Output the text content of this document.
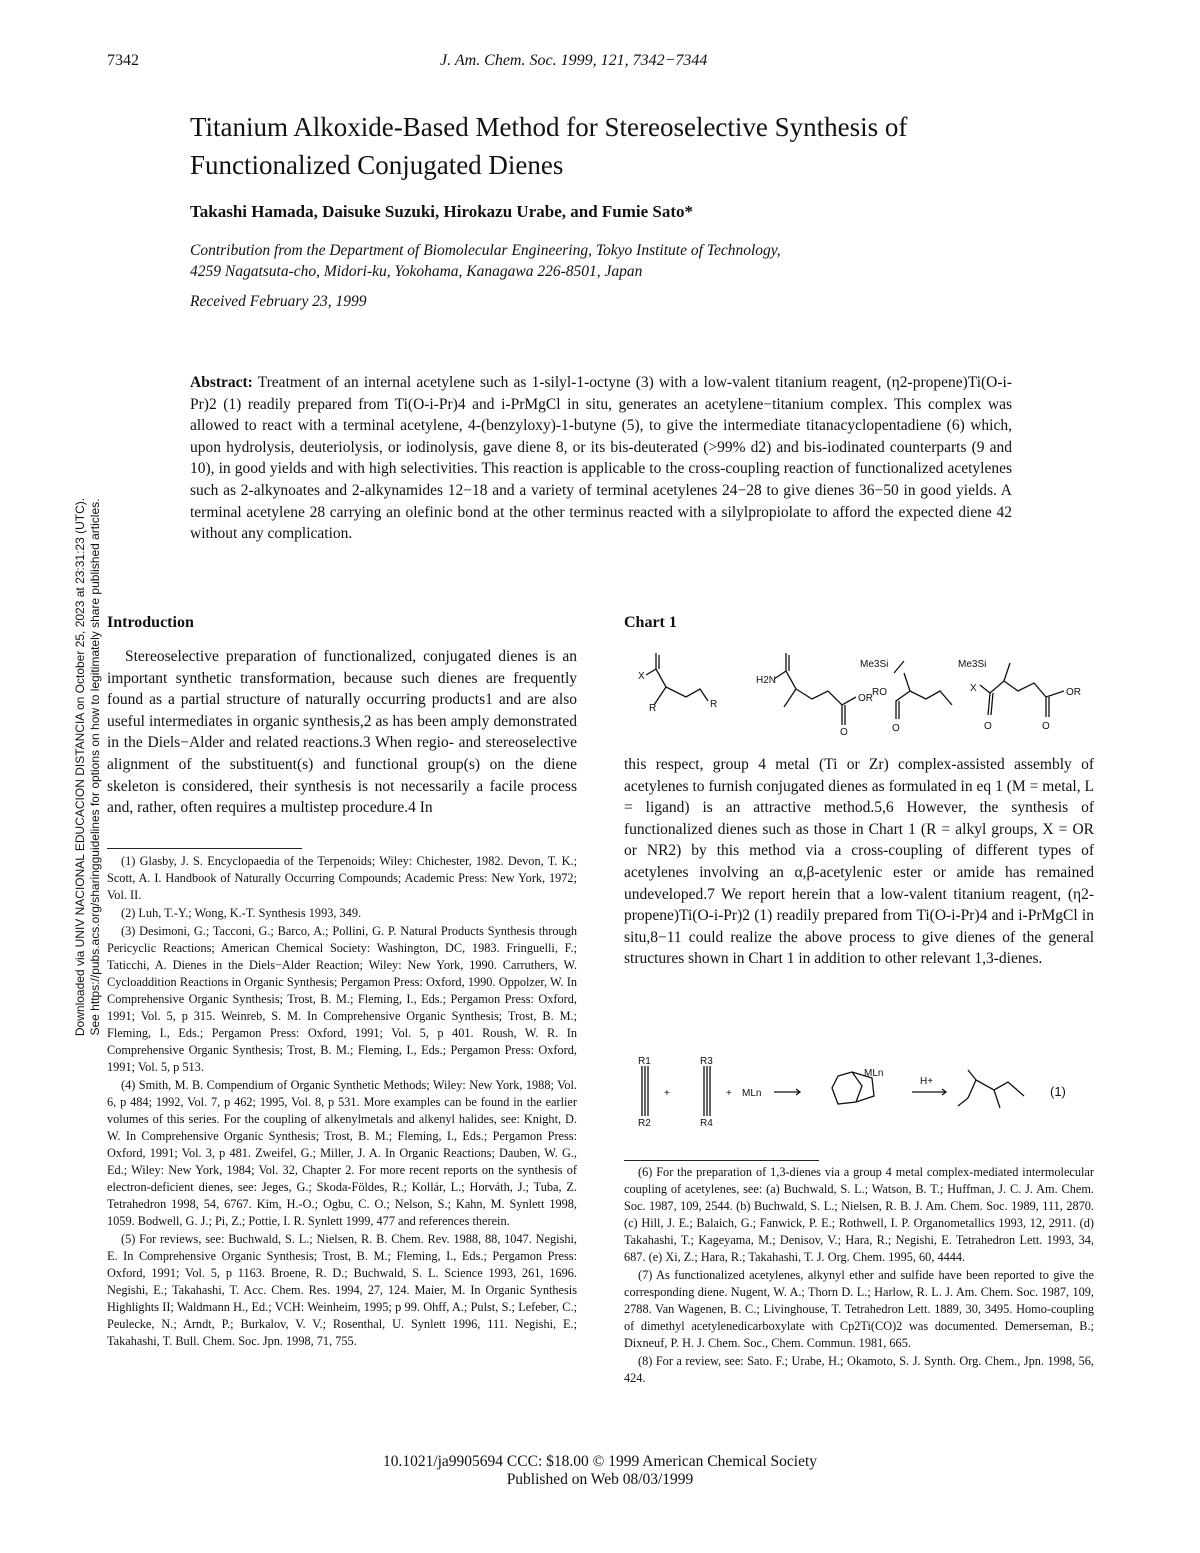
7342	J. Am. Chem. Soc. 1999, 121, 7342−7344
Downloaded via UNIV NACIONAL EDUCACION DISTANCIA on October 25, 2023 at 23:31:23 (UTC). See https://pubs.acs.org/sharingguidelines for options on how to legitimately share published articles.
Titanium Alkoxide-Based Method for Stereoselective Synthesis of Functionalized Conjugated Dienes
Takashi Hamada, Daisuke Suzuki, Hirokazu Urabe, and Fumie Sato*
Contribution from the Department of Biomolecular Engineering, Tokyo Institute of Technology,
4259 Nagatsuta-cho, Midori-ku, Yokohama, Kanagawa 226-8501, Japan
Received February 23, 1999
Abstract: Treatment of an internal acetylene such as 1-silyl-1-octyne (3) with a low-valent titanium reagent, (η2-propene)Ti(O-i-Pr)2 (1) readily prepared from Ti(O-i-Pr)4 and i-PrMgCl in situ, generates an acetylene−titanium complex. This complex was allowed to react with a terminal acetylene, 4-(benzyloxy)-1-butyne (5), to give the intermediate titanacyclopentadiene (6) which, upon hydrolysis, deuteriolysis, or iodinolysis, gave diene 8, or its bis-deuterated (>99% d2) and bis-iodinated counterparts (9 and 10), in good yields and with high selectivities. This reaction is applicable to the cross-coupling reaction of functionalized acetylenes such as 2-alkynoates and 2-alkynamides 12−18 and a variety of terminal acetylenes 24−28 to give dienes 36−50 in good yields. A terminal acetylene 28 carrying an olefinic bond at the other terminus reacted with a silylpropiolate to afford the expected diene 42 without any complication.
Introduction

Stereoselective preparation of functionalized, conjugated dienes is an important synthetic transformation, because such dienes are frequently found as a partial structure of naturally occurring products1 and are also useful intermediates in organic synthesis,2 as has been amply demonstrated in the Diels−Alder and related reactions.3 When regio- and stereoselective alignment of the substituent(s) and functional group(s) on the diene skeleton is considered, their synthesis is not necessarily a facile process and, rather, often requires a multistep procedure.4 In

(1) Glasby, J. S. Encyclopaedia of the Terpenoids; Wiley: Chichester, 1982. Devon, T. K.; Scott, A. I. Handbook of Naturally Occurring Compounds; Academic Press: New York, 1972; Vol. II.

(2) Luh, T.-Y.; Wong, K.-T. Synthesis 1993, 349.

(3) Desimoni, G.; Tacconi, G.; Barco, A.; Pollini, G. P. Natural Products Synthesis through Pericyclic Reactions; American Chemical Society: Washington, DC, 1983. Fringuelli, F.; Taticchi, A. Dienes in the Diels−Alder Reaction; Wiley: New York, 1990. Carruthers, W. Cycloaddition Reactions in Organic Synthesis; Pergamon Press: Oxford, 1990. Oppolzer, W. In Comprehensive Organic Synthesis; Trost, B. M.; Fleming, I., Eds.; Pergamon Press: Oxford, 1991; Vol. 5, p 315. Weinreb, S. M. In Comprehensive Organic Synthesis; Trost, B. M.; Fleming, I., Eds.; Pergamon Press: Oxford, 1991; Vol. 5, p 401. Roush, W. R. In Comprehensive Organic Synthesis; Trost, B. M.; Fleming, I., Eds.; Pergamon Press: Oxford, 1991; Vol. 5, p 513.

(4) Smith, M. B. Compendium of Organic Synthetic Methods; Wiley: New York, 1988; Vol. 6, p 484; 1992, Vol. 7, p 462; 1995, Vol. 8, p 531. More examples can be found in the earlier volumes of this series. For the coupling of alkenylmetals and alkenyl halides, see: Knight, D. W. In Comprehensive Organic Synthesis; Trost, B. M.; Fleming, I., Eds.; Pergamon Press: Oxford, 1991; Vol. 3, p 481. Zweifel, G.; Miller, J. A. In Organic Reactions; Dauben, W. G., Ed.; Wiley: New York, 1984; Vol. 32, Chapter 2. For more recent reports on the synthesis of electron-deficient dienes, see: Jeges, G.; Skoda-Földes, R.; Kollár, L.; Horváth, J.; Tuba, Z. Tetrahedron 1998, 54, 6767. Kim, H.-O.; Ogbu, C. O.; Nelson, S.; Kahn, M. Synlett 1998, 1059. Bodwell, G. J.; Pi, Z.; Pottie, I. R. Synlett 1999, 477 and references therein.

(5) For reviews, see: Buchwald, S. L.; Nielsen, R. B. Chem. Rev. 1988, 88, 1047. Negishi, E. In Comprehensive Organic Synthesis; Trost, B. M.; Fleming, I., Eds.; Pergamon Press: Oxford, 1991; Vol. 5, p 1163. Broene, R. D.; Buchwald, S. L. Science 1993, 261, 1696. Negishi, E.; Takahashi, T. Acc. Chem. Res. 1994, 27, 124. Maier, M. In Organic Synthesis Highlights II; Waldmann H., Ed.; VCH: Weinheim, 1995; p 99. Ohff, A.; Pulst, S.; Lefeber, C.; Peulecke, N.; Arndt, P.; Burkalov, V. V.; Rosenthal, U. Synlett 1996, 111. Negishi, E.; Takahashi, T. Bull. Chem. Soc. Jpn. 1998, 71, 755.

Chart 1
X
R	R
H2N
OR
O
Me3Si
RO
O
Me3Si
X
O	O
OR
this respect, group 4 metal (Ti or Zr) complex-assisted assembly of acetylenes to furnish conjugated dienes as formulated in eq 1 (M = metal, L = ligand) is an attractive method.5,6 However, the synthesis of functionalized dienes such as those in Chart 1 (R = alkyl groups, X = OR or NR2) by this method via a cross-coupling of different types of acetylenes involving an α,β-acetylenic ester or amide has remained undeveloped.7 We report herein that a low-valent titanium reagent, (η2-propene)Ti(O-i-Pr)2 (1) readily prepared from Ti(O-i-Pr)4 and i-PrMgCl in situ,8−11 could realize the above process to give dienes of the general structures shown in Chart 1 in addition to other relevant 1,3-dienes.
R1
R2
R3
R4
+	+ MLn
MLn
H+
(1)

(6) For the preparation of 1,3-dienes via a group 4 metal complex-mediated intermolecular coupling of acetylenes, see: (a) Buchwald, S. L.; Watson, B. T.; Huffman, J. C. J. Am. Chem. Soc. 1987, 109, 2544. (b) Buchwald, S. L.; Nielsen, R. B. J. Am. Chem. Soc. 1989, 111, 2870. (c) Hill, J. E.; Balaich, G.; Fanwick, P. E.; Rothwell, I. P. Organometallics 1993, 12, 2911. (d) Takahashi, T.; Kageyama, M.; Denisov, V.; Hara, R.; Negishi, E. Tetrahedron Lett. 1993, 34, 687. (e) Xi, Z.; Hara, R.; Takahashi, T. J. Org. Chem. 1995, 60, 4444.

(7) As functionalized acetylenes, alkynyl ether and sulfide have been reported to give the corresponding diene. Nugent, W. A.; Thorn D. L.; Harlow, R. L. J. Am. Chem. Soc. 1987, 109, 2788. Van Wagenen, B. C.; Livinghouse, T. Tetrahedron Lett. 1889, 30, 3495. Homo-coupling of dimethyl acetylenedicarboxylate with Cp2Ti(CO)2 was documented. Demerseman, B.; Dixneuf, P. H. J. Chem. Soc., Chem. Commun. 1981, 665.

(8) For a review, see: Sato. F.; Urabe, H.; Okamoto, S. J. Synth. Org. Chem., Jpn. 1998, 56, 424.

10.1021/ja9905694 CCC: $18.00 © 1999 American Chemical Society
Published on Web 08/03/1999
